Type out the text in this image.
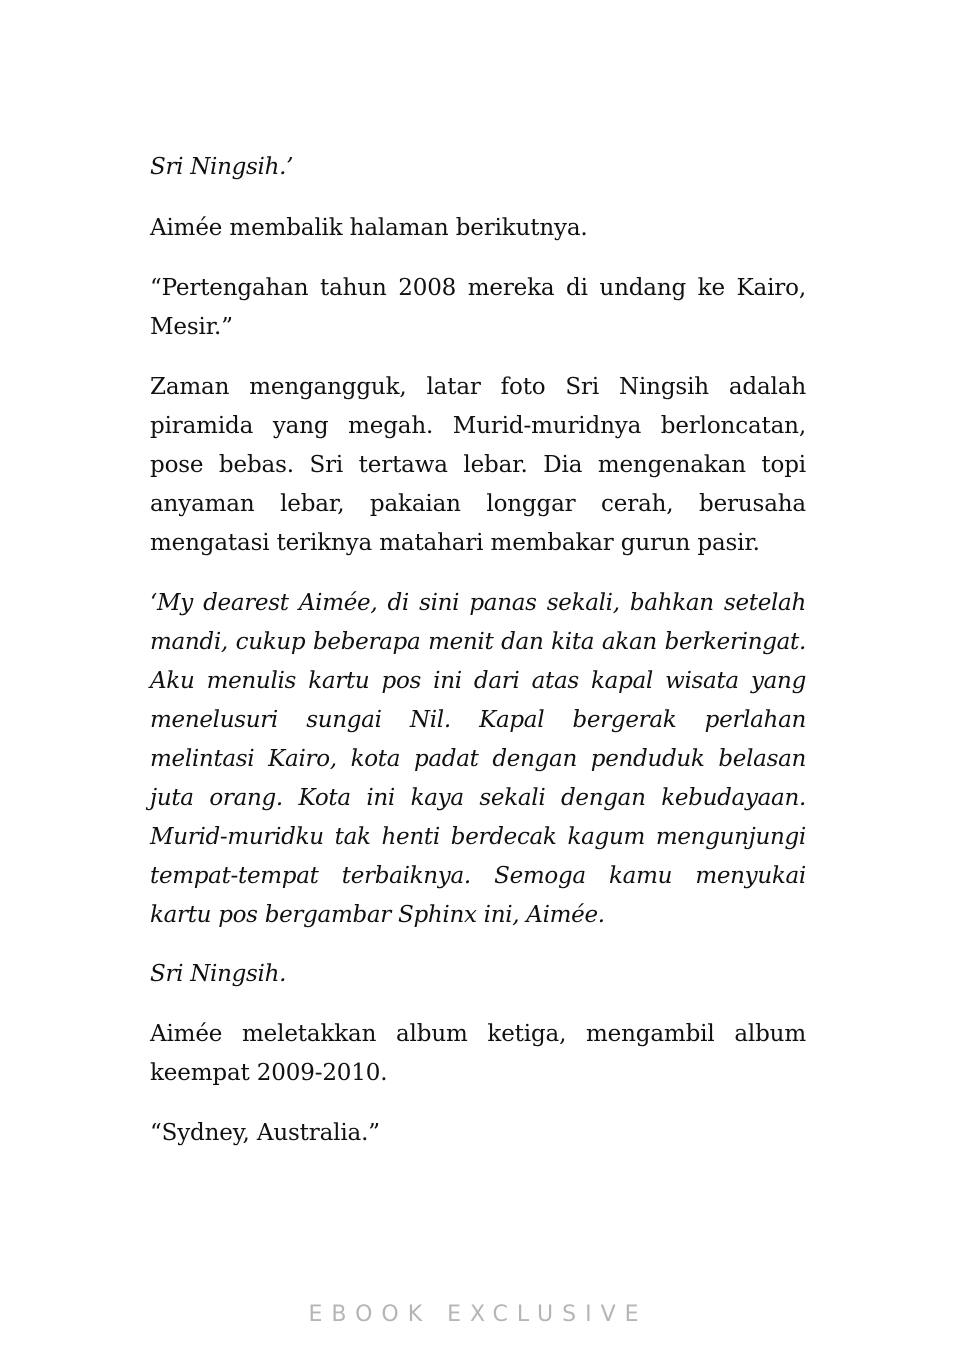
Sri Ningsih.’

Aimée membalik halaman berikutnya.

“Pertengahan tahun 2008 mereka di undang ke Kairo, Mesir.”

Zaman mengangguk, latar foto Sri Ningsih adalah piramida yang megah. Murid-muridnya berloncatan, pose bebas. Sri tertawa lebar. Dia mengenakan topi anyaman lebar, pakaian longgar cerah, berusaha mengatasi teriknya matahari membakar gurun pasir.

‘My dearest Aimée, di sini panas sekali, bahkan setelah mandi, cukup beberapa menit dan kita akan berkeringat. Aku menulis kartu pos ini dari atas kapal wisata yang menelusuri sungai Nil. Kapal bergerak perlahan melintasi Kairo, kota padat dengan penduduk belasan juta orang. Kota ini kaya sekali dengan kebudayaan. Murid-muridku tak henti berdecak kagum mengunjungi tempat-tempat terbaiknya. Semoga kamu menyukai kartu pos bergambar Sphinx ini, Aimée.

Sri Ningsih.

Aimée meletakkan album ketiga, mengambil album keempat 2009-2010.

“Sydney, Australia.”

EBOOK EXCLUSIVE
